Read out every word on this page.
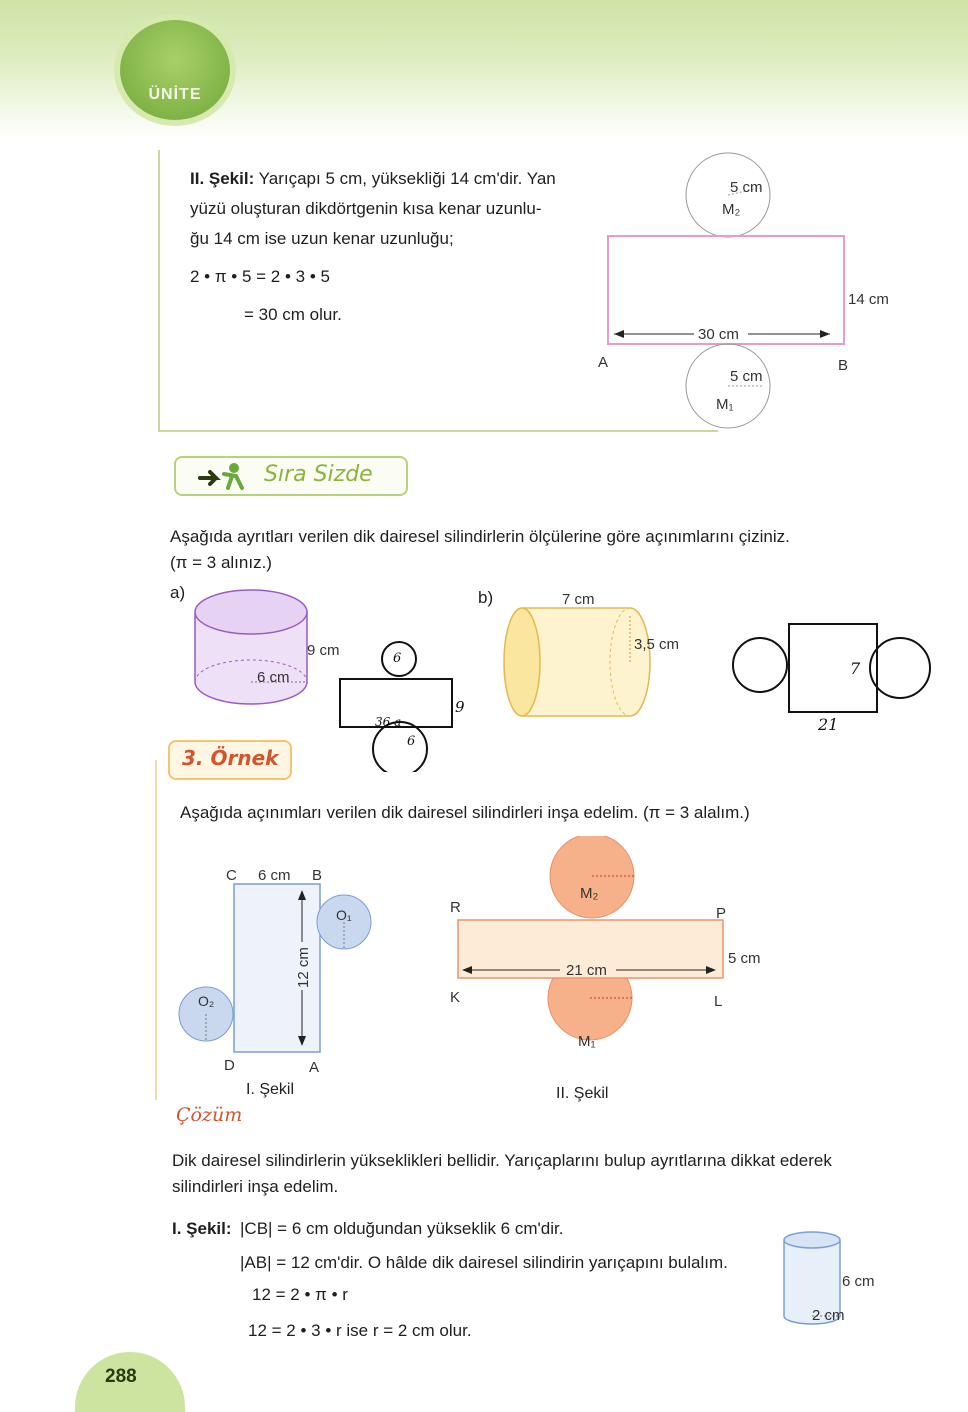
ÜNİTE
II. Şekil: Yarıçapı 5 cm, yüksekliği 14 cm'dir. Yan
yüzü oluşturan dikdörtgenin kısa kenar uzunlu-
ğu 14 cm ise uzun kenar uzunluğu;
2 • π • 5 = 2 • 3 • 5
= 30 cm olur.
5 cm
M₂
14 cm
30 cm
A	B
5 cm
M₁
Sıra Sizde
Aşağıda ayrıtları verilen dik dairesel silindirlerin ölçülerine göre açınımlarını çiziniz.
(π = 3 alınız.)
a)	b)
9 cm
6 cm
6
36 a
9
6
7 cm
3,5 cm
7
21
3. Örnek
Aşağıda açınımları verilen dik dairesel silindirleri inşa edelim. (π = 3 alalım.)
C 6 cm B
O₁
O₂
12 cm
D	A
I. Şekil
M₂
R	P
21 cm
5 cm
K	L
M₁
II. Şekil
Çözüm
Dik dairesel silindirlerin yükseklikleri bellidir. Yarıçaplarını bulup ayrıtlarına dikkat ederek
silindirleri inşa edelim.
I. Şekil: |CB| = 6 cm olduğundan yükseklik 6 cm'dir.
|AB| = 12 cm'dir. O hâlde dik dairesel silindirin yarıçapını bulalım.
12 = 2 • π • r
12 = 2 • 3 • r ise r = 2 cm olur.
6 cm
2 cm
288
